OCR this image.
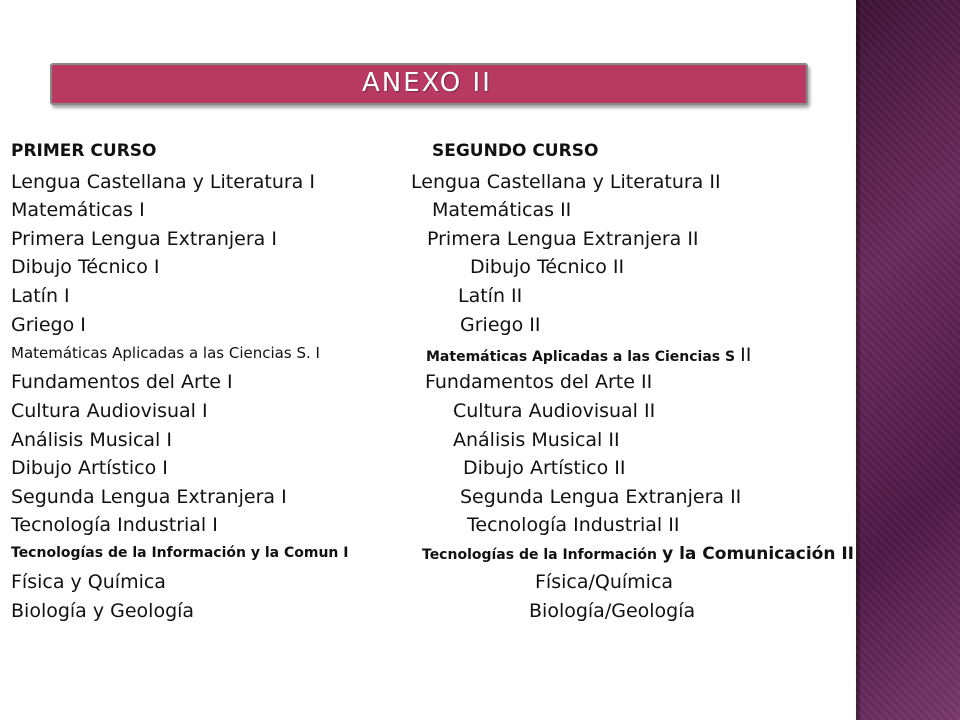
ANEXO II
PRIMER CURSO	SEGUNDO CURSO
Lengua Castellana y Literatura I	Lengua Castellana y Literatura II
Matemáticas I	Matemáticas II
Primera Lengua Extranjera I	Primera Lengua Extranjera II
Dibujo Técnico I	Dibujo Técnico II
Latín I	Latín II
Griego I	Griego II
Matemáticas Aplicadas a las Ciencias S. I	Matemáticas Aplicadas a las Ciencias S II
Fundamentos del Arte I	Fundamentos del Arte II
Cultura Audiovisual I	Cultura Audiovisual II
Análisis Musical I	Análisis Musical II
Dibujo Artístico I	Dibujo Artístico II
Segunda Lengua Extranjera I	Segunda Lengua Extranjera II
Tecnología Industrial I	Tecnología Industrial II
Tecnologías de la Información y la Comun I	Tecnologías de la Información y la Comunicación II
Física y Química	Física/Química
Biología y Geología	Biología/Geología
